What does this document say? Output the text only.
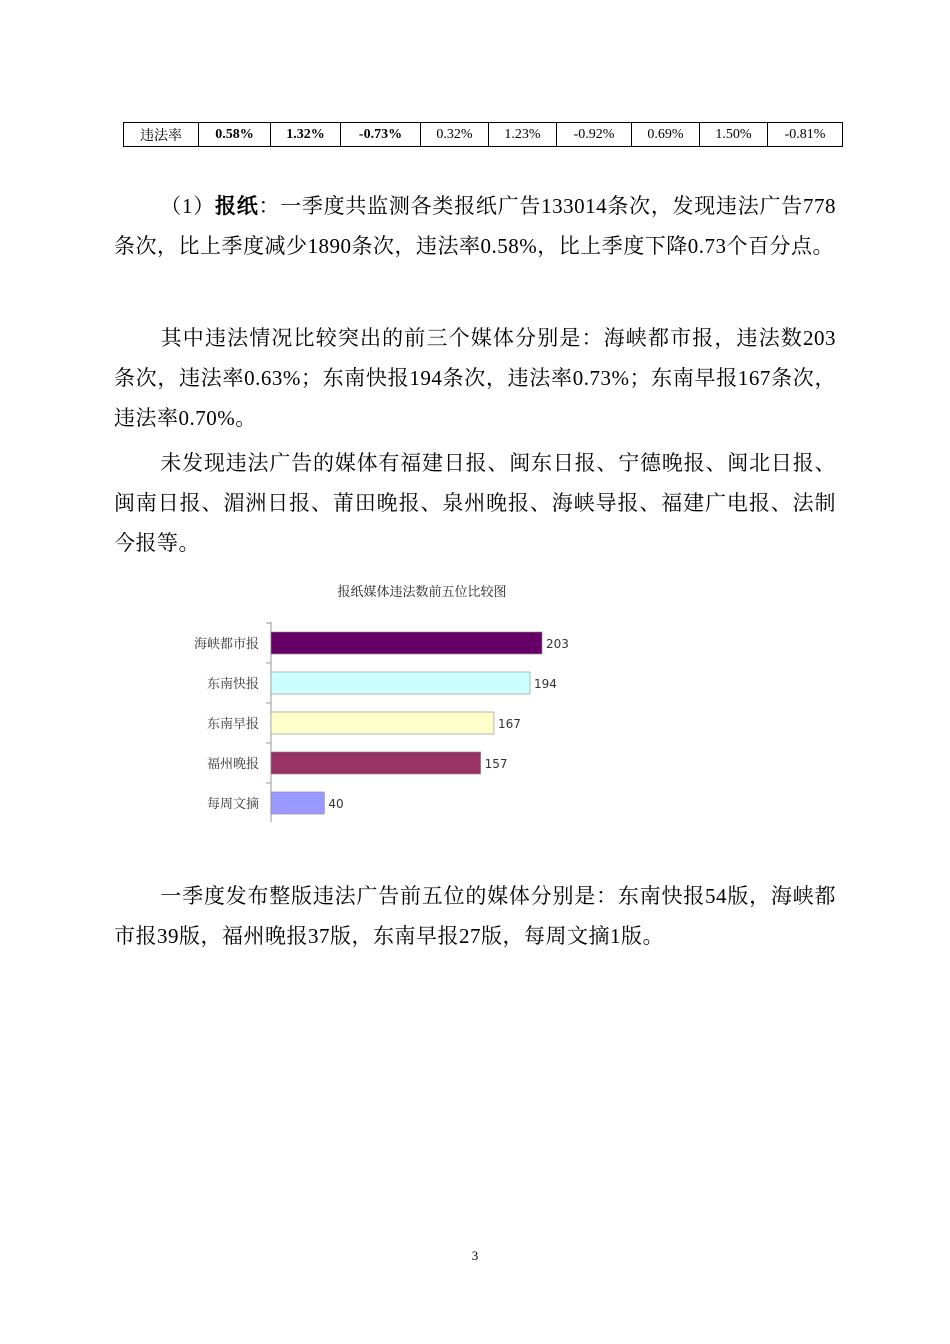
违法率	0.58%	1.32%	-0.73%	0.32%	1.23%	-0.92%	0.69%	1.50%	-0.81%
（1）报纸：一季度共监测各类报纸广告133014条次，发现违法广告778条次，比上季度减少1890条次，违法率0.58%，比上季度下降0.73个百分点。
其中违法情况比较突出的前三个媒体分别是：海峡都市报，违法数203条次，违法率0.63%；东南快报194条次，违法率0.73%；东南早报167条次，违法率0.70%。
未发现违法广告的媒体有福建日报、闽东日报、宁德晚报、闽北日报、闽南日报、湄洲日报、莆田晚报、泉州晚报、海峡导报、福建广电报、法制今报等。
报纸媒体违法数前五位比较图
海峡都市报	203
东南快报	194
东南早报	167
福州晚报	157
每周文摘	40
一季度发布整版违法广告前五位的媒体分别是：东南快报54版，海峡都市报39版，福州晚报37版，东南早报27版，每周文摘1版。
3
